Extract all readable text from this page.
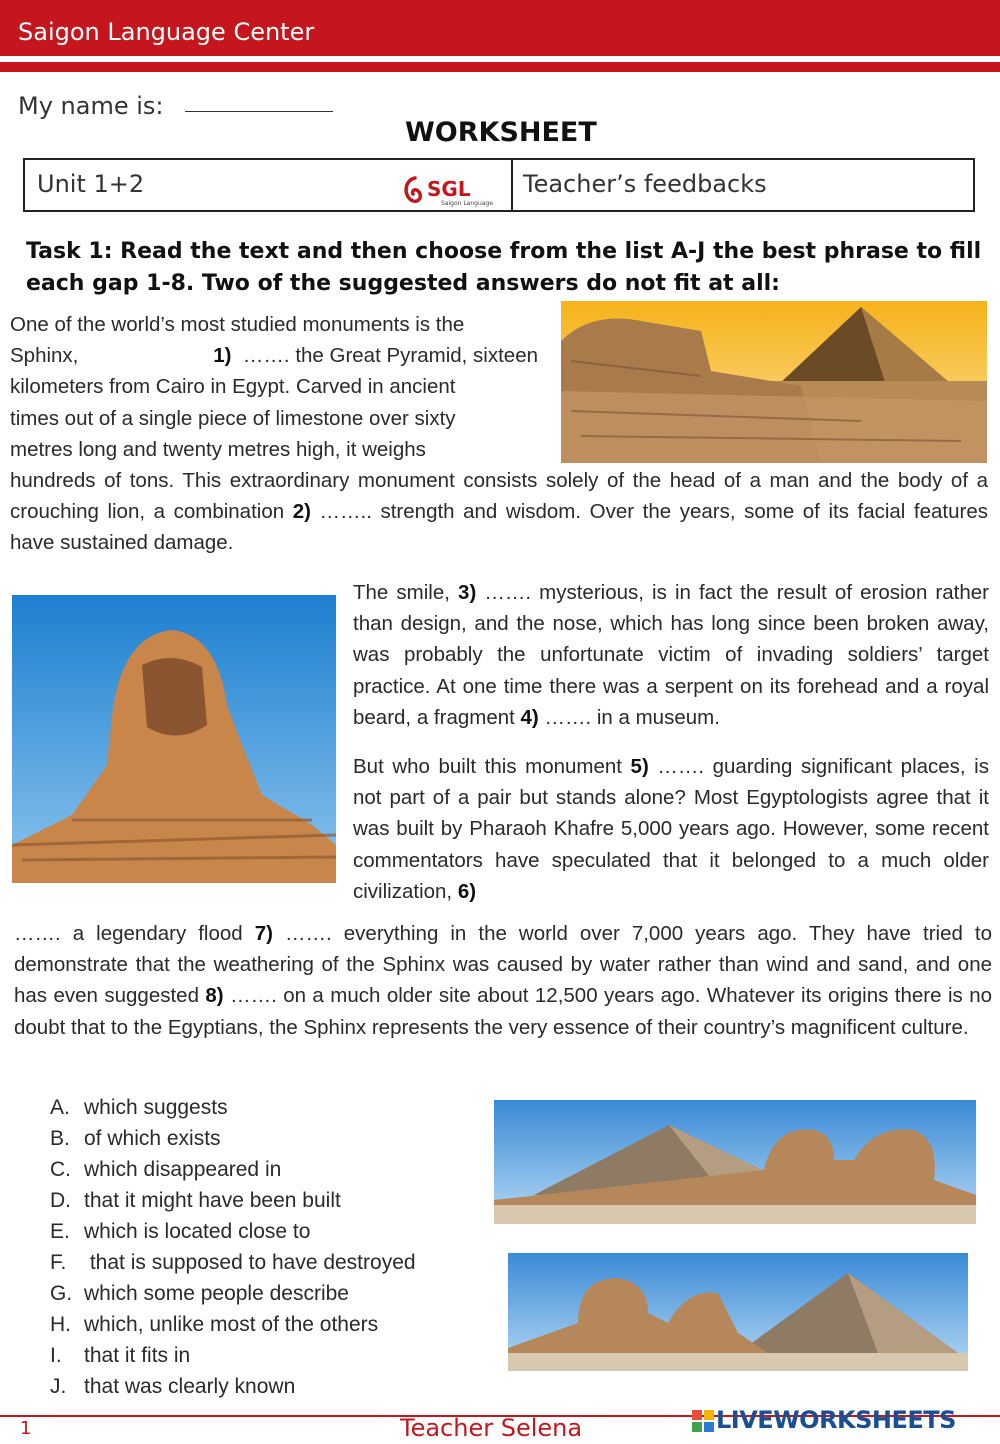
Saigon Language Center
My name is:
WORKSHEET
Unit 1+2	SGL
Saigon Language
Teacher’s feedbacks
Task 1: Read the text and then choose from the list A-J the best phrase to fill each gap 1-8. Two of the suggested answers do not fit at all:
One of the world’s most studied monuments is the
Sphinx,	1) ……. the Great Pyramid, sixteen
kilometers from Cairo in Egypt. Carved in ancient
times out of a single piece of limestone over sixty
metres long and twenty metres high, it weighs
hundreds of tons. This extraordinary monument consists solely of the head of a man and the body of a crouching lion, a combination 2) …….. strength and wisdom. Over the years, some of its facial features have sustained damage.
The smile, 3) ……. mysterious, is in fact the result of erosion rather than design, and the nose, which has long since been broken away, was probably the unfortunate victim of invading soldiers’ target practice. At one time there was a serpent on its forehead and a royal beard, a fragment 4) ……. in a museum.
But who built this monument 5) ……. guarding significant places, is not part of a pair but stands alone? Most Egyptologists agree that it was built by Pharaoh Khafre 5,000 years ago. However, some recent commentators have speculated that it belonged to a much older civilization, 6)
……. a legendary flood 7) ……. everything in the world over 7,000 years ago. They have tried to demonstrate that the weathering of the Sphinx was caused by water rather than wind and sand, and one has even suggested 8) ……. on a much older site about 12,500 years ago. Whatever its origins there is no doubt that to the Egyptians, the Sphinx represents the very essence of their country’s magnificent culture.
A. which suggests
B. of which exists
C. which disappeared in
D. that it might have been built
E. which is located close to
F. that is supposed to have destroyed
G. which some people describe
H. which, unlike most of the others
I. that it fits in
J. that was clearly known
1	Teacher Selena	LIVEWORKSHEETS
